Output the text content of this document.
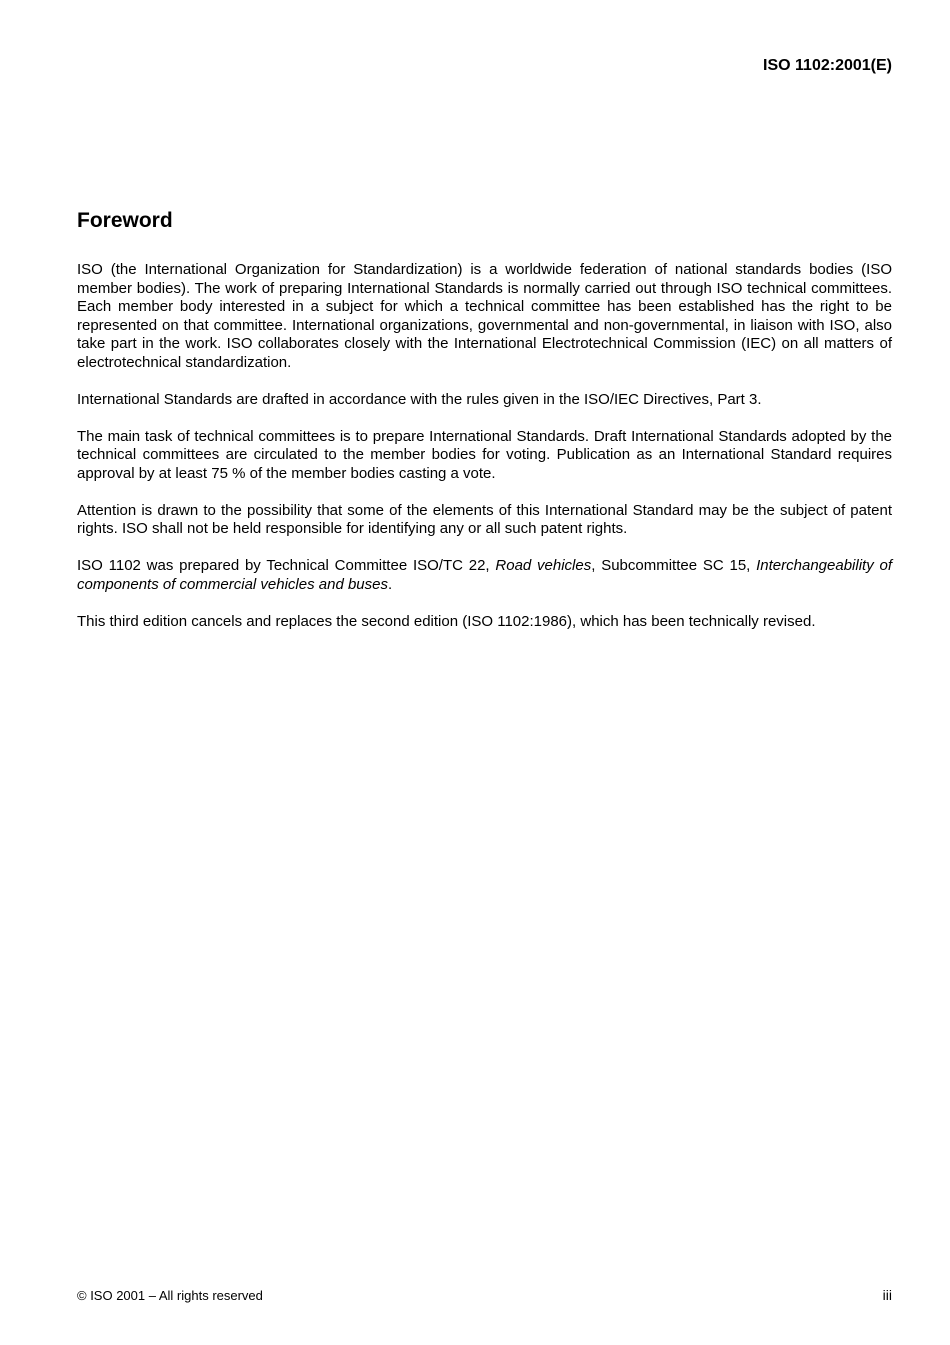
ISO 1102:2001(E)
Foreword

ISO (the International Organization for Standardization) is a worldwide federation of national standards bodies (ISO member bodies). The work of preparing International Standards is normally carried out through ISO technical committees. Each member body interested in a subject for which a technical committee has been established has the right to be represented on that committee. International organizations, governmental and non-governmental, in liaison with ISO, also take part in the work. ISO collaborates closely with the International Electrotechnical Commission (IEC) on all matters of electrotechnical standardization.

International Standards are drafted in accordance with the rules given in the ISO/IEC Directives, Part 3.

The main task of technical committees is to prepare International Standards. Draft International Standards adopted by the technical committees are circulated to the member bodies for voting. Publication as an International Standard requires approval by at least 75 % of the member bodies casting a vote.

Attention is drawn to the possibility that some of the elements of this International Standard may be the subject of patent rights. ISO shall not be held responsible for identifying any or all such patent rights.

ISO 1102 was prepared by Technical Committee ISO/TC 22, Road vehicles, Subcommittee SC 15, Interchangeability of components of commercial vehicles and buses.

This third edition cancels and replaces the second edition (ISO 1102:1986), which has been technically revised.

© ISO 2001 – All rights reserved	iii
